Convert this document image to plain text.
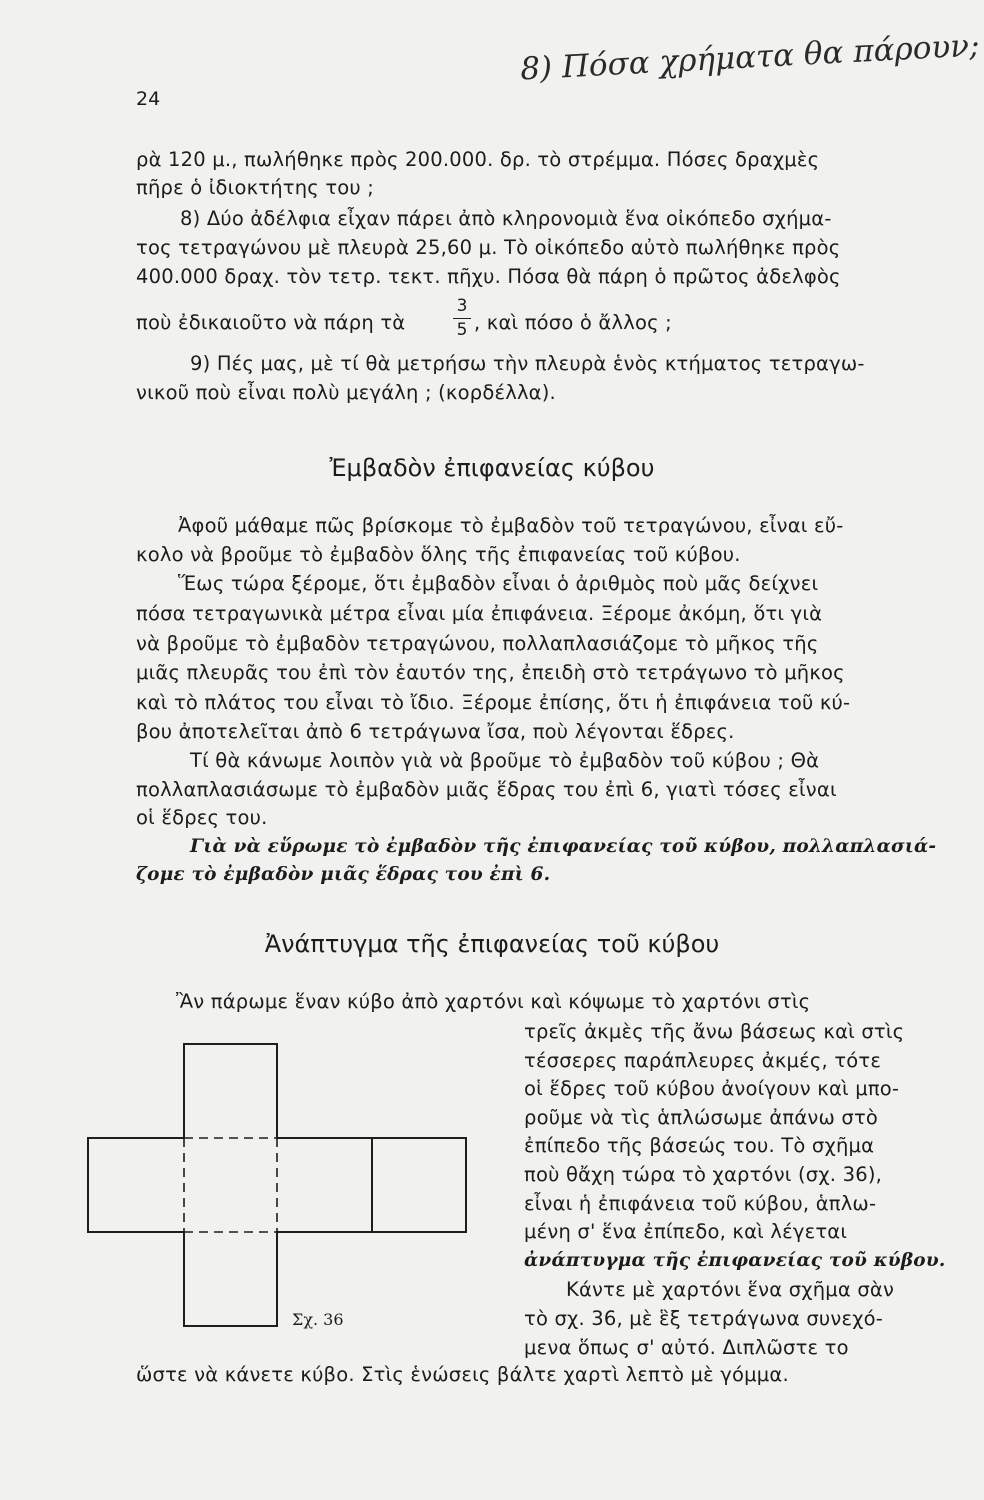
24
8) Πόσα χρήματα θα πάρουν;
ρὰ 120 μ., πωλήθηκε πρὸς 200.000. δρ. τὸ στρέμμα. Πόσες δραχμὲς
πῆρε ὁ ἰδιοκτήτης του ;
8) Δύο ἀδέλφια εἶχαν πάρει ἀπὸ κληρονομιὰ ἕνα οἰκόπεδο σχήμα-
τος τετραγώνου μὲ πλευρὰ 25,60 μ. Τὸ οἰκόπεδο αὐτὸ πωλήθηκε πρὸς
400.000 δραχ. τὸν τετρ. τεκτ. πῆχυ. Πόσα θὰ πάρη ὁ πρῶτος ἀδελφὸς
ποὺ ἐδικαιοῦτο νὰ πάρη τὰ
3
5 , καὶ πόσο ὁ ἄλλος ;
9) Πές μας, μὲ τί θὰ μετρήσω τὴν πλευρὰ ἑνὸς κτήματος τετραγω-
νικοῦ ποὺ εἶναι πολὺ μεγάλη ; (κορδέλλα).
Ἐμβαδὸν ἐπιφανείας κύβου
Ἀφοῦ μάθαμε πῶς βρίσκομε τὸ ἐμβαδὸν τοῦ τετραγώνου, εἶναι εὔ-
κολο νὰ βροῦμε τὸ ἐμβαδὸν ὅλης τῆς ἐπιφανείας τοῦ κύβου.
Ἕως τώρα ξέρομε, ὅτι ἐμβαδὸν εἶναι ὁ ἀριθμὸς ποὺ μᾶς δείχνει
πόσα τετραγωνικὰ μέτρα εἶναι μία ἐπιφάνεια. Ξέρομε ἀκόμη, ὅτι γιὰ
νὰ βροῦμε τὸ ἐμβαδὸν τετραγώνου, πολλαπλασιάζομε τὸ μῆκος τῆς
μιᾶς πλευρᾶς του ἐπὶ τὸν ἑαυτόν της, ἐπειδὴ στὸ τετράγωνο τὸ μῆκος
καὶ τὸ πλάτος του εἶναι τὸ ἴδιο. Ξέρομε ἐπίσης, ὅτι ἡ ἐπιφάνεια τοῦ κύ-
βου ἀποτελεῖται ἀπὸ 6 τετράγωνα ἴσα, ποὺ λέγονται ἕδρες.
Τί θὰ κάνωμε λοιπὸν γιὰ νὰ βροῦμε τὸ ἐμβαδὸν τοῦ κύβου ; Θὰ
πολλαπλασιάσωμε τὸ ἐμβαδὸν μιᾶς ἕδρας του ἐπὶ 6, γιατὶ τόσες εἶναι
οἱ ἕδρες του.
Γιὰ νὰ εὕρωμε τὸ ἐμβαδὸν τῆς ἐπιφανείας τοῦ κύβου, πολλαπλασιά-
ζομε τὸ ἐμβαδὸν μιᾶς ἕδρας του ἐπὶ 6.
Ἀνάπτυγμα τῆς ἐπιφανείας τοῦ κύβου
Ἂν πάρωμε ἕναν κύβο ἀπὸ χαρτόνι καὶ κόψωμε τὸ χαρτόνι στὶς
τρεῖς ἀκμὲς τῆς ἄνω βάσεως καὶ στὶς
τέσσερες παράπλευρες ἀκμές, τότε
οἱ ἕδρες τοῦ κύβου ἀνοίγουν καὶ μπο-
ροῦμε νὰ τὶς ἁπλώσωμε ἀπάνω στὸ
ἐπίπεδο τῆς βάσεώς του. Τὸ σχῆμα
ποὺ θἄχη τώρα τὸ χαρτόνι (σχ. 36),
εἶναι ἡ ἐπιφάνεια τοῦ κύβου, ἁπλω-
μένη σ' ἕνα ἐπίπεδο, καὶ λέγεται
ἀνάπτυγμα τῆς ἐπιφανείας τοῦ κύβου.
Κάντε μὲ χαρτόνι ἕνα σχῆμα σὰν
τὸ σχ. 36, μὲ ἓξ τετράγωνα συνεχό-
μενα ὅπως σ' αὐτό. Διπλῶστε το
ὥστε νὰ κάνετε κύβο. Στὶς ἑνώσεις βάλτε χαρτὶ λεπτὸ μὲ γόμμα.
Σχ. 36
